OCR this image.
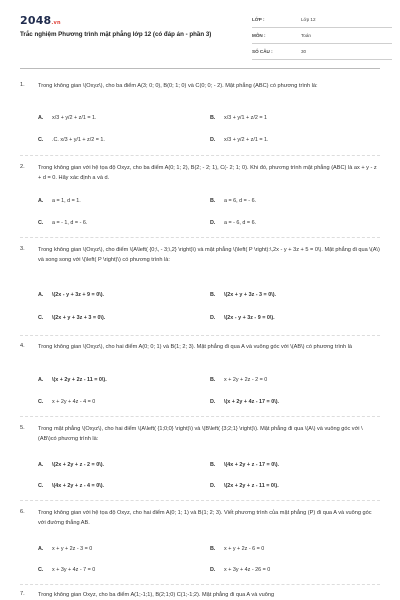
2048.vn
Trắc nghiệm Phương trình mặt phẳng lớp 12 (có đáp án - phần 3)
LỚP :	Lớp 12
MÔN :	Toán
SỐ CÂU :	30
1. Trong không gian \(Oxyz\), cho ba điểm A(3; 0; 0), B(0; 1; 0) và C(0; 0; - 2). Mặt phẳng (ABC) có phương trình là:
A. x/3 + y/2 + z/1 = 1.	B. x/3 + y/1 + z/2 = 1
C. .C. x/3 + y/1 + z/2 = 1.	D. x/3 + y/2 + z/1 = 1.
2. Trong không gian với hệ tọa độ Oxyz, cho ba điểm A(0; 1; 2), B(2; - 2; 1), C(- 2; 1; 0). Khi đó, phương trình mặt phẳng (ABC) là ax + y - z + d = 0. Hãy xác định a và d.
A. a = 1, d = 1.	B. a = 6, d = - 6.
C. a = - 1, d = - 6.	D. a = - 6, d = 6.
3. Trong không gian \(Oxyz\), cho điểm \(A\left( {0;\, - 3;\,2} \right)\) và mặt phẳng \(\left( P \right):\,2x - y + 3z + 5 = 0\). Mặt phẳng đi qua \(A\) và song song với \(\left( P \right)\) có phương trình là:
A. \(2x - y + 3z + 9 = 0\).	B. \(2x + y + 3z - 3 = 0\).
C. \(2x + y + 3z + 3 = 0\).	D. \(2x - y + 3z - 9 = 0\).
4. Trong không gian \(Oxyz\), cho hai điểm A(0; 0; 1) và B(1; 2; 3). Mặt phẳng đi qua A và vuông góc với \(AB\) có phương trình là
A. \(x + 2y + 2z - 11 = 0\).	B. x + 2y + 2z - 2 = 0
C. x + 2y + 4z - 4 = 0	D. \(x + 2y + 4z - 17 = 0\).
5. Trong mặt phẳng \(Oxyz\), cho hai điểm \(A\left( {1;0;0} \right)\) và \(B\left( {3;2;1} \right)\). Mặt phẳng đi qua \(A\) và vuông góc với \(AB\)có phương trình là:
A. \(2x + 2y + z - 2 = 0\).	B. \(4x + 2y + z - 17 = 0\).
C. \(4x + 2y + z - 4 = 0\).	D. \(2x + 2y + z - 11 = 0\).
6. Trong không gian với hệ tọa độ Oxyz, cho hai điểm A(0; 1; 1) và B(1; 2; 3). Viết phương trình của mặt phẳng (P) đi qua A và vuông góc với đường thẳng AB.
A. x + y + 2z - 3 = 0	B. x + y + 2z - 6 = 0
C. x + 3y + 4z - 7 = 0	D. x + 3y + 4z - 26 = 0
7. Trong không gian Oxyz, cho ba điểm A(1;-1;1), B(2;1;0) C(1;-1;2). Mặt phẳng đi qua A và vuông
